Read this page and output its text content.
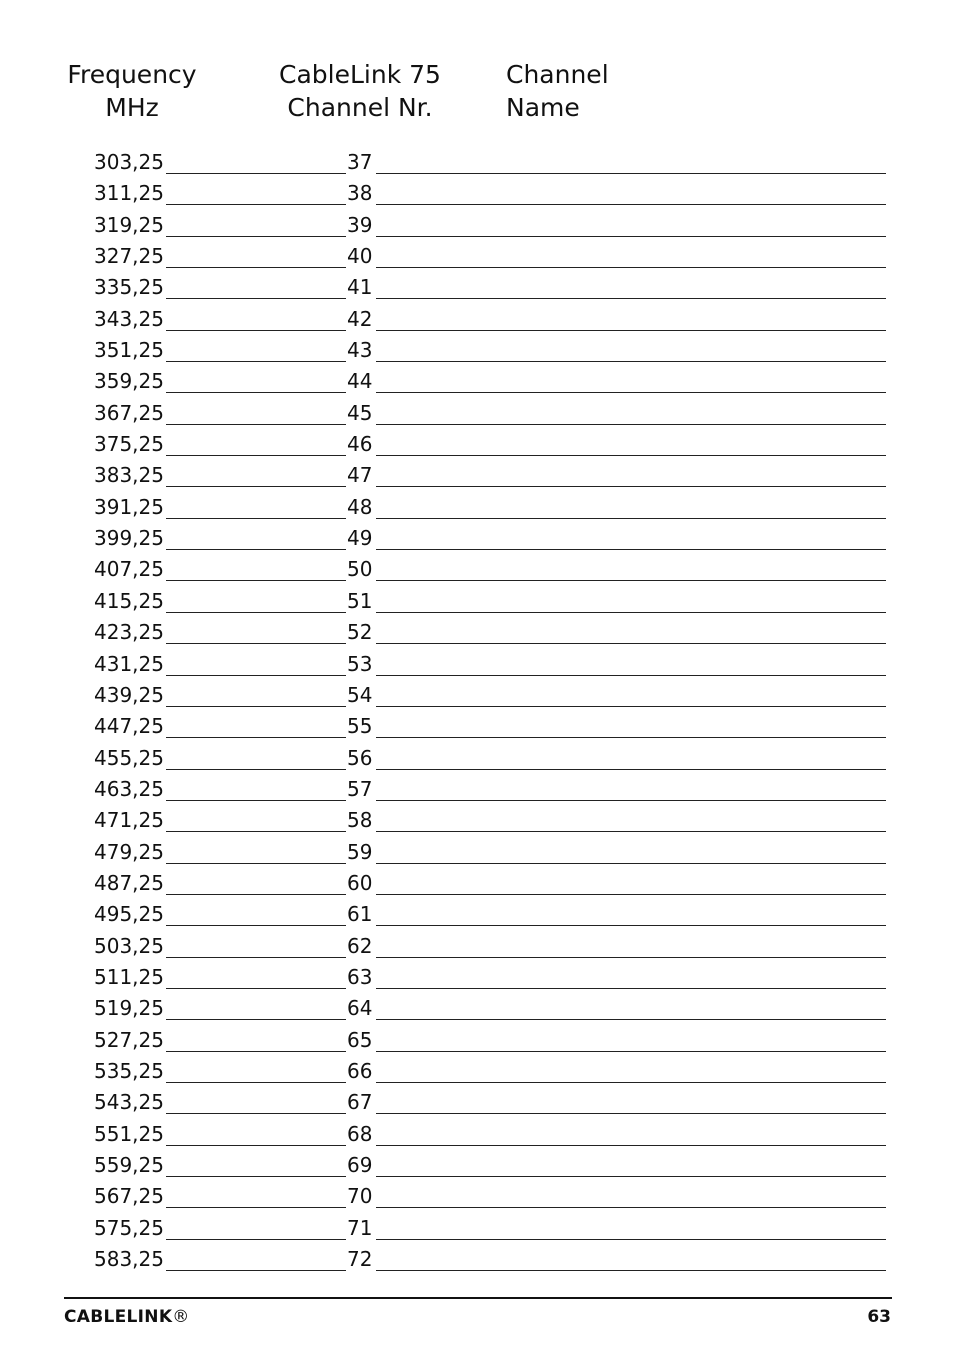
Frequency
MHz
CableLink 75
Channel Nr.
Channel
Name
303,25	37
311,25	38
319,25	39
327,25	40
335,25	41
343,25	42
351,25	43
359,25	44
367,25	45
375,25	46
383,25	47
391,25	48
399,25	49
407,25	50
415,25	51
423,25	52
431,25	53
439,25	54
447,25	55
455,25	56
463,25	57
471,25	58
479,25	59
487,25	60
495,25	61
503,25	62
511,25	63
519,25	64
527,25	65
535,25	66
543,25	67
551,25	68
559,25	69
567,25	70
575,25	71
583,25	72
CABLELINK®	63
